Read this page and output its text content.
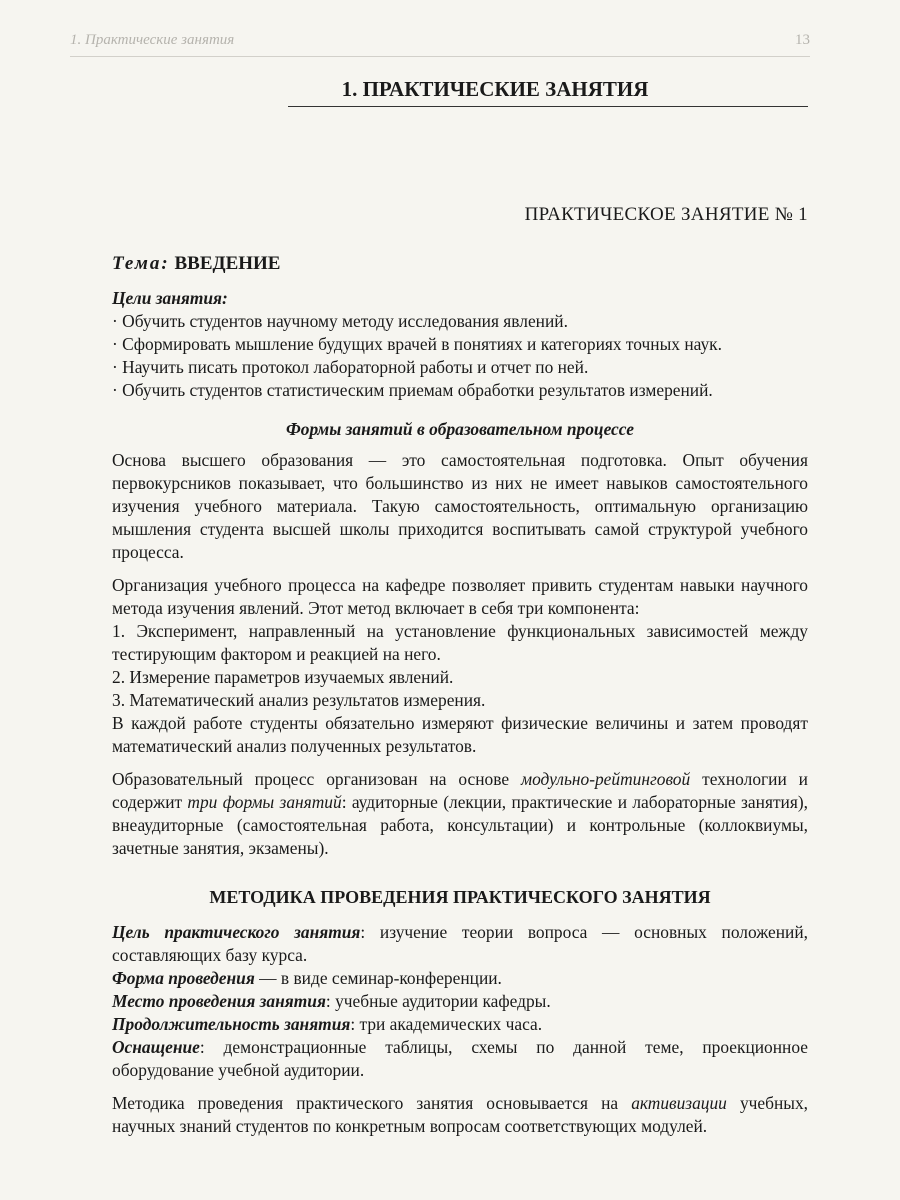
1. Практические занятия	13
1. ПРАКТИЧЕСКИЕ ЗАНЯТИЯ
ПРАКТИЧЕСКОЕ ЗАНЯТИЕ № 1
Тема: ВВЕДЕНИЕ
Цели занятия:
· Обучить студентов научному методу исследования явлений.
· Сформировать мышление будущих врачей в понятиях и категориях точных наук.
· Научить писать протокол лабораторной работы и отчет по ней.
· Обучить студентов статистическим приемам обработки результатов измерений.
Формы занятий в образовательном процессе

Основа высшего образования — это самостоятельная подготовка. Опыт обучения первокурсников показывает, что большинство из них не имеет навыков самостоятельного изучения учебного материала. Такую самостоятельность, оптимальную организацию мышления студента высшей школы приходится воспитывать самой структурой учебного процесса.

Организация учебного процесса на кафедре позволяет привить студентам навыки научного метода изучения явлений. Этот метод включает в себя три компонента:

1. Эксперимент, направленный на установление функциональных зависимостей между тестирующим фактором и реакцией на него.

2. Измерение параметров изучаемых явлений.

3. Математический анализ результатов измерения.

В каждой работе студенты обязательно измеряют физические величины и затем проводят математический анализ полученных результатов.

Образовательный процесс организован на основе модульно-рейтинговой технологии и содержит три формы занятий: аудиторные (лекции, практические и лабораторные занятия), внеаудиторные (самостоятельная работа, консультации) и контрольные (коллоквиумы, зачетные занятия, экзамены).

МЕТОДИКА ПРОВЕДЕНИЯ ПРАКТИЧЕСКОГО ЗАНЯТИЯ

Цель практического занятия: изучение теории вопроса — основных положений, составляющих базу курса.

Форма проведения — в виде семинар-конференции.

Место проведения занятия: учебные аудитории кафедры.

Продолжительность занятия: три академических часа.

Оснащение: демонстрационные таблицы, схемы по данной теме, проекционное оборудование учебной аудитории.

Методика проведения практического занятия основывается на активизации учебных, научных знаний студентов по конкретным вопросам соответствующих модулей.
